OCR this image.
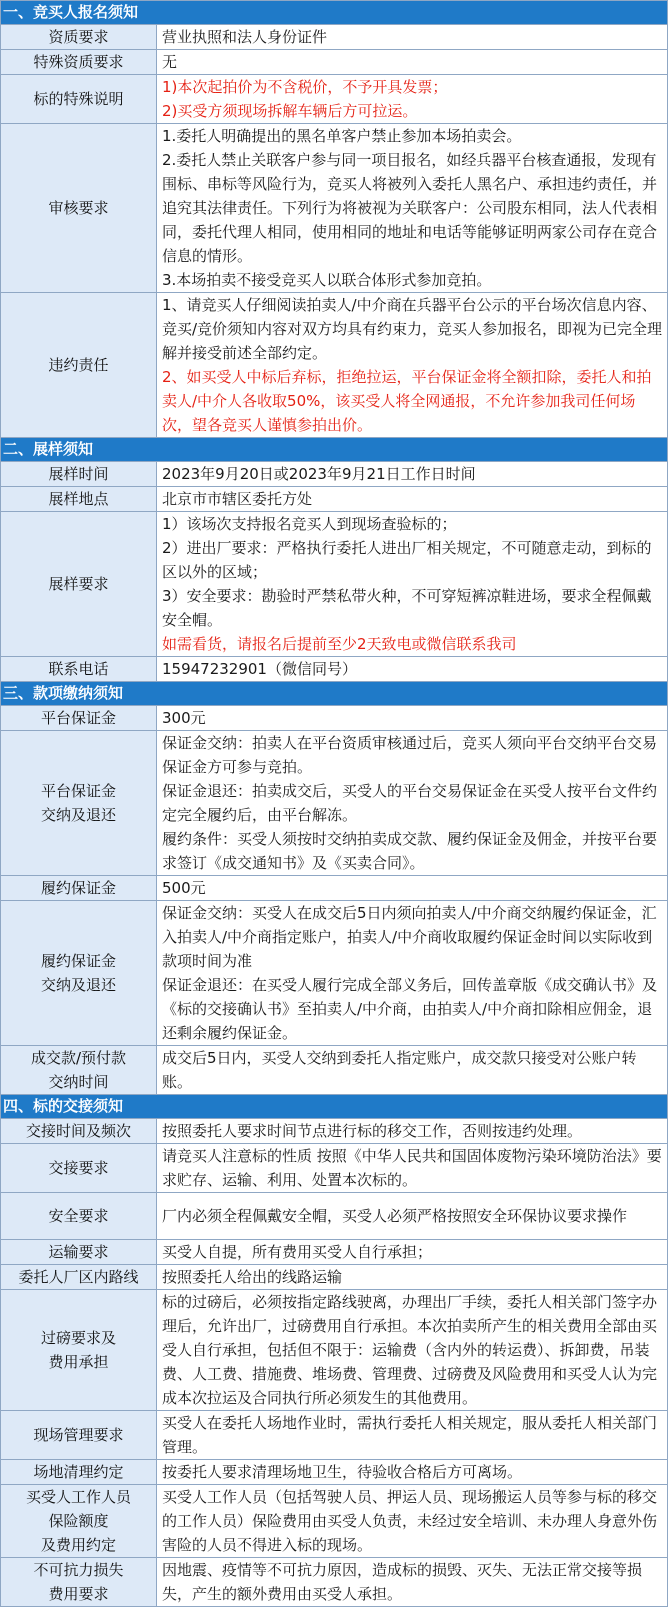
一、竞买人报名须知	

资质要求	营业执照和法人身份证件

特殊资质要求	无

标的特殊说明	1)本次起拍价为不含税价，不予开具发票；
2)买受方须现场拆解车辆后方可拉运。

审核要求	1.委托人明确提出的黑名单客户禁止参加本场拍卖会。
2.委托人禁止关联客户参与同一项目报名，如经兵器平台核查通报，发现有围标、串标等风险行为，竞买人将被列入委托人黑名户、承担违约责任，并追究其法律责任。下列行为将被视为关联客户：公司股东相同，法人代表相同，委托代理人相同，使用相同的地址和电话等能够证明两家公司存在竞合信息的情形。
3.本场拍卖不接受竞买人以联合体形式参加竞拍。

违约责任	1、请竞买人仔细阅读拍卖人/中介商在兵器平台公示的平台场次信息内容、竞买/竞价须知内容对双方均具有约束力，竞买人参加报名，即视为已完全理解并接受前述全部约定。
2、如买受人中标后弃标，拒绝拉运，平台保证金将全额扣除，委托人和拍卖人/中介人各收取50%，该买受人将全网通报，不允许参加我司任何场次，望各竞买人谨慎参拍出价。

二、展样须知	

展样时间	2023年9月20日或2023年9月21日工作日时间

展样地点	北京市市辖区委托方处

展样要求	1）该场次支持报名竞买人到现场查验标的；
2）进出厂要求：严格执行委托人进出厂相关规定，不可随意走动，到标的区以外的区域；
3）安全要求：勘验时严禁私带火种，不可穿短裤凉鞋进场，要求全程佩戴安全帽。
如需看货，请报名后提前至少2天致电或微信联系我司

联系电话	15947232901（微信同号）

三、款项缴纳须知	

平台保证金	300元

平台保证金
交纳及退还	保证金交纳：拍卖人在平台资质审核通过后，竞买人须向平台交纳平台交易保证金方可参与竞拍。
保证金退还：拍卖成交后，买受人的平台交易保证金在买受人按平台文件约定完全履约后，由平台解冻。
履约条件：买受人须按时交纳拍卖成交款、履约保证金及佣金，并按平台要求签订《成交通知书》及《买卖合同》。

履约保证金	500元

履约保证金
交纳及退还	保证金交纳：买受人在成交后5日内须向拍卖人/中介商交纳履约保证金，汇入拍卖人/中介商指定账户，拍卖人/中介商收取履约保证金时间以实际收到款项时间为准
保证金退还：在买受人履行完成全部义务后，回传盖章版《成交确认书》及《标的交接确认书》至拍卖人/中介商，由拍卖人/中介商扣除相应佣金，退还剩余履约保证金。

成交款/预付款
交纳时间	成交后5日内，买受人交纳到委托人指定账户，成交款只接受对公账户转账。

四、标的交接须知	

交接时间及频次	按照委托人要求时间节点进行标的移交工作，否则按违约处理。

交接要求	请竞买人注意标的性质 按照《中华人民共和国固体废物污染环境防治法》要求贮存、运输、利用、处置本次标的。

安全要求	厂内必须全程佩戴安全帽，买受人必须严格按照安全环保协议要求操作

运输要求	买受人自提，所有费用买受人自行承担；

委托人厂区内路线	按照委托人给出的线路运输

过磅要求及
费用承担	标的过磅后，必须按指定路线驶离，办理出厂手续，委托人相关部门签字办理后，允许出厂，过磅费用自行承担。本次拍卖所产生的相关费用全部由买受人自行承担，包括但不限于：运输费（含内外的转运费）、拆卸费，吊装费、人工费、措施费、堆场费、管理费、过磅费及风险费用和买受人认为完成本次拉运及合同执行所必须发生的其他费用。

现场管理要求	买受人在委托人场地作业时，需执行委托人相关规定，服从委托人相关部门管理。

场地清理约定	按委托人要求清理场地卫生，待验收合格后方可离场。

买受人工作人员
保险额度
及费用约定	买受人工作人员（包括驾驶人员、押运人员、现场搬运人员等参与标的移交的工作人员）保险费用由买受人负责，未经过安全培训、未办理人身意外伤害险的人员不得进入标的现场。

不可抗力损失
费用要求	因地震、疫情等不可抗力原因，造成标的损毁、灭失、无法正常交接等损失，产生的额外费用由买受人承担。
